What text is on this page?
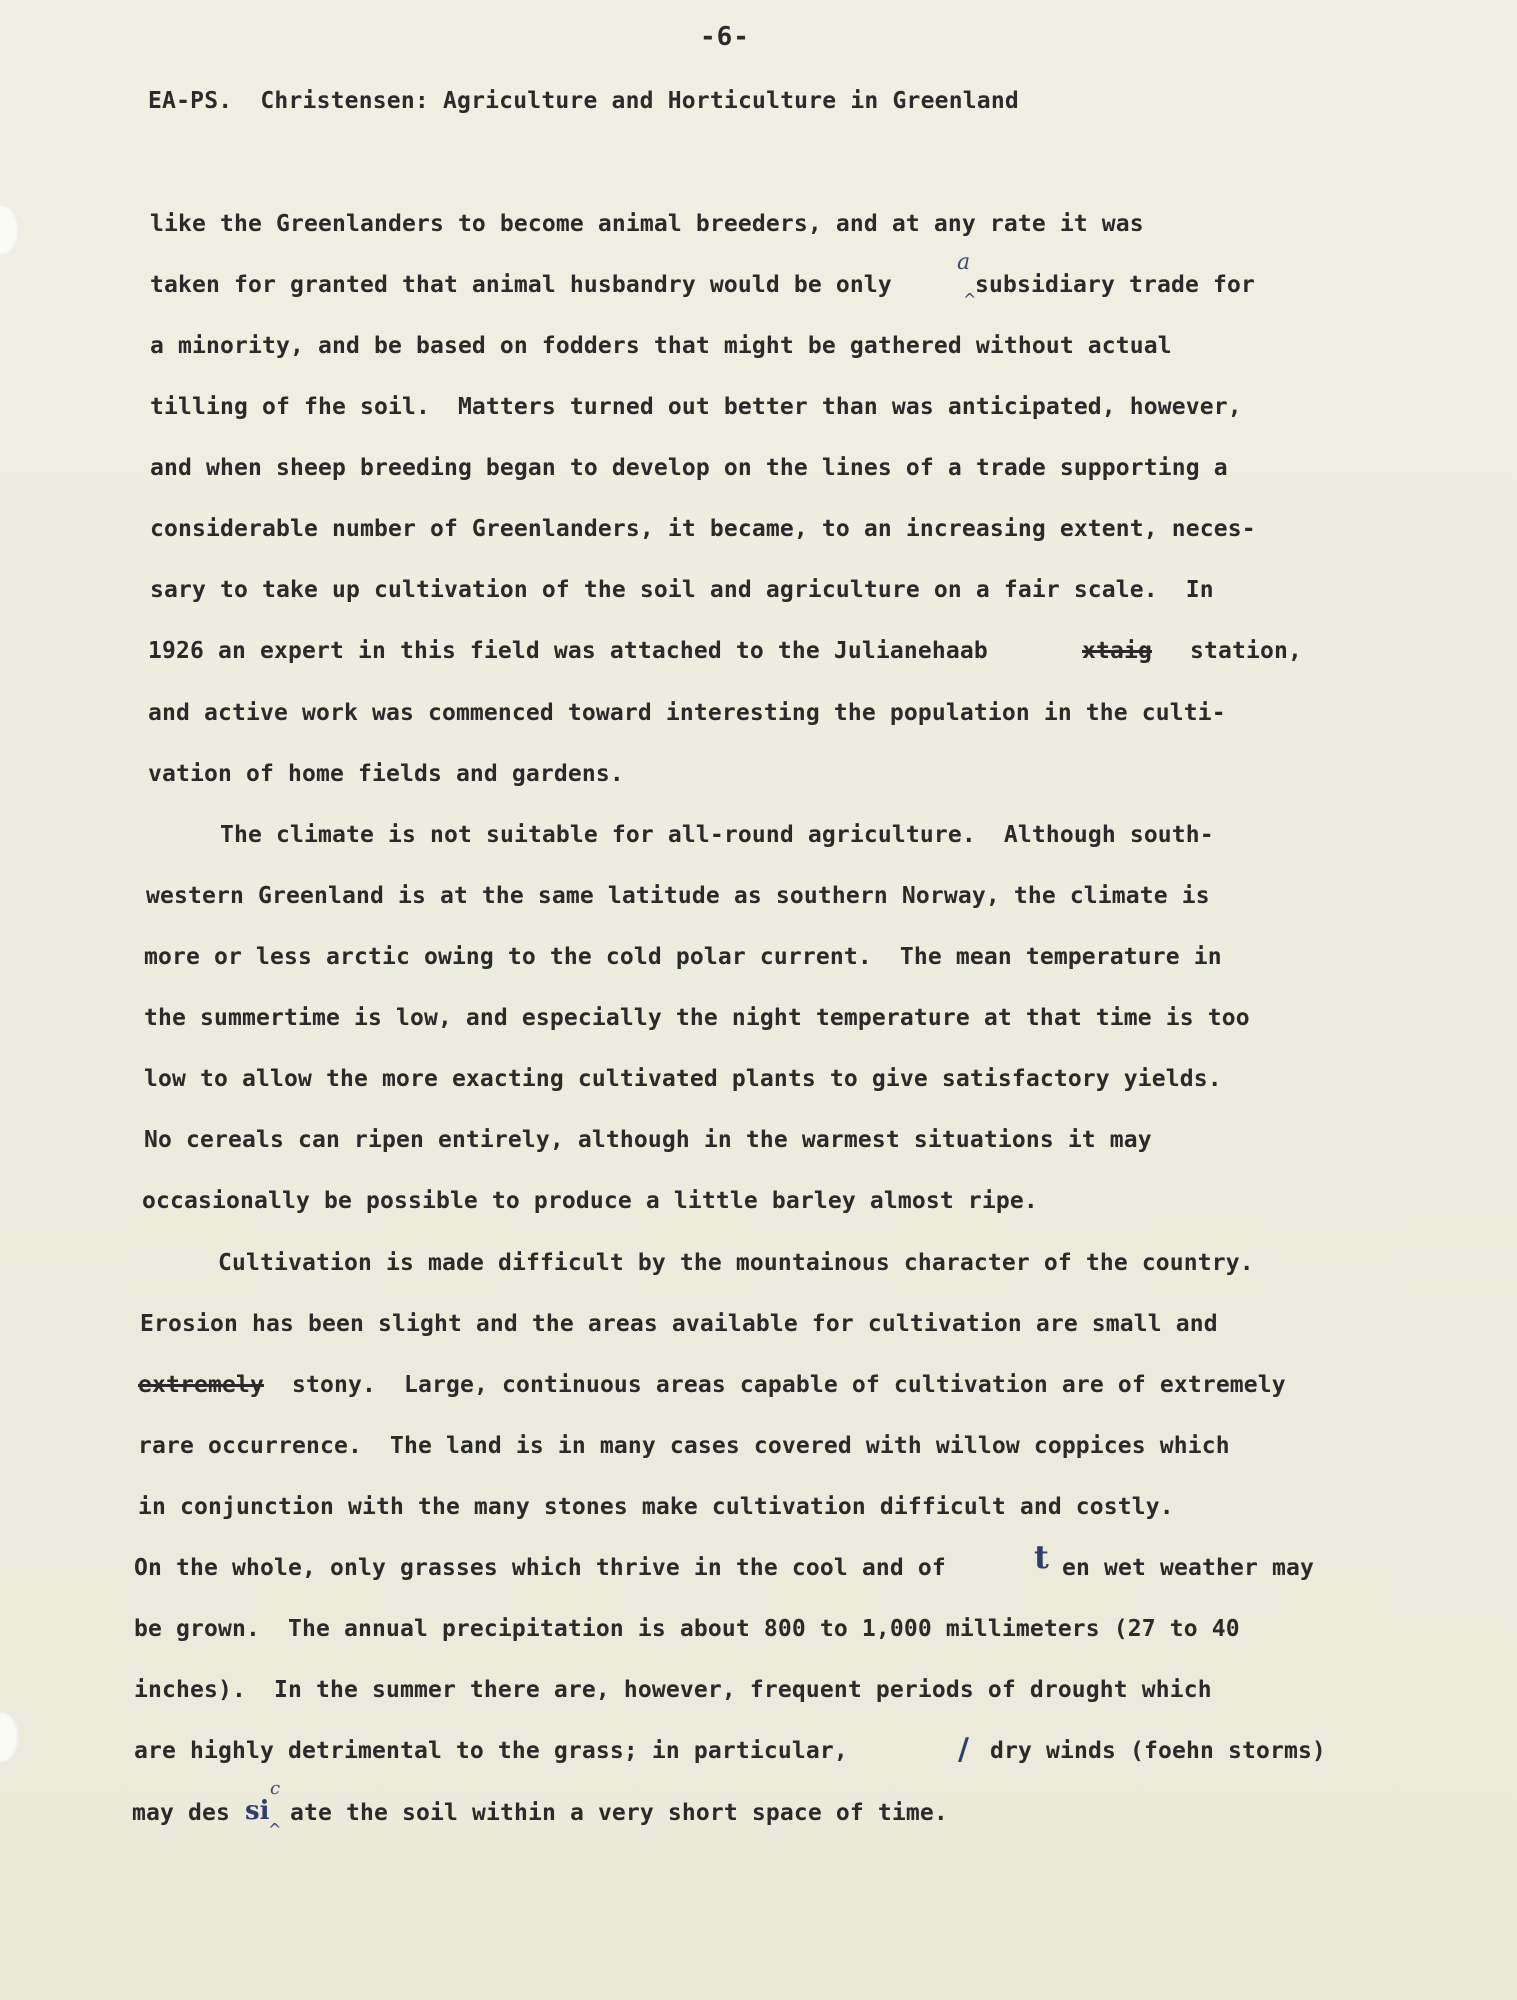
-6-
EA-PS.  Christensen: Agriculture and Horticulture in Greenland
like the Greenlanders to become animal breeders, and at any rate it was
taken for granted that animal husbandry would be only
a
^
subsidiary trade for
a minority, and be based on fodders that might be gathered without actual
tilling of fhe soil.  Matters turned out better than was anticipated, however,
and when sheep breeding began to develop on the lines of a trade supporting a
considerable number of Greenlanders, it became, to an increasing extent, neces-
sary to take up cultivation of the soil and agriculture on a fair scale.  In
1926 an expert in this field was attached to the Julianehaab	xtaig station,
and active work was commenced toward interesting the population in the culti-
vation of home fields and gardens.
The climate is not suitable for all-round agriculture.  Although south-
western Greenland is at the same latitude as southern Norway, the climate is
more or less arctic owing to the cold polar current.  The mean temperature in
the summertime is low, and especially the night temperature at that time is too
low to allow the more exacting cultivated plants to give satisfactory yields.
No cereals can ripen entirely, although in the warmest situations it may
occasionally be possible to produce a little barley almost ripe.
Cultivation is made difficult by the mountainous character of the country.
Erosion has been slight and the areas available for cultivation are small and
extremely stony.  Large, continuous areas capable of cultivation are of extremely
rare occurrence.  The land is in many cases covered with willow coppices which
in conjunction with the many stones make cultivation difficult and costly.
On the whole, only grasses which thrive in the cool and of	t en wet weather may
be grown.  The annual precipitation is about 800 to 1,000 millimeters (27 to 40
inches).  In the summer there are, however, frequent periods of drought which
are highly detrimental to the grass; in particular,	/ dry winds (foehn storms)
may des si
c
^
ate the soil within a very short space of time.
